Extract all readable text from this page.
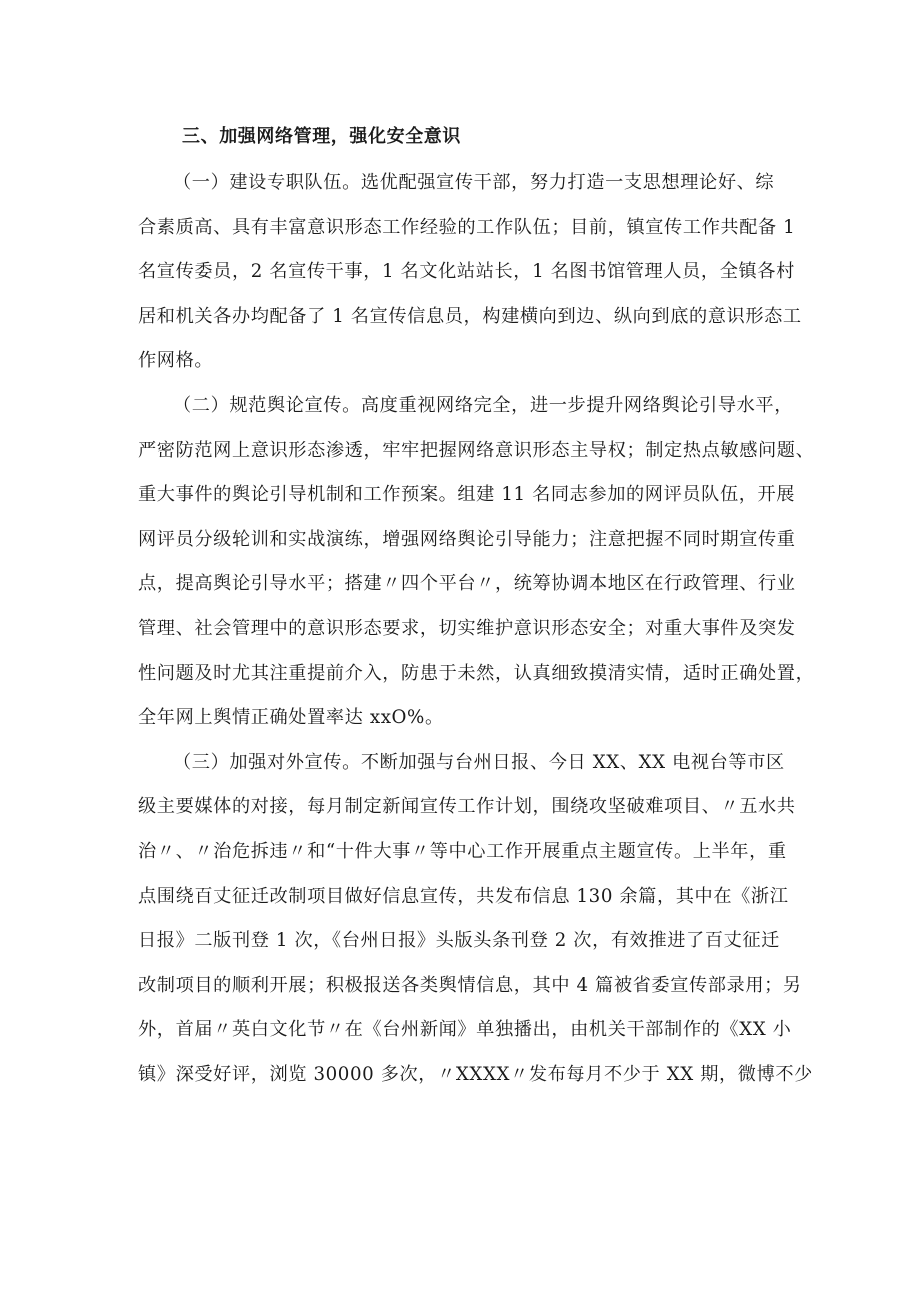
三、加强网络管理，强化安全意识
（一）建设专职队伍。选优配强宣传干部，努力打造一支思想理论好、综
合素质高、具有丰富意识形态工作经验的工作队伍；目前，镇宣传工作共配备 1
名宣传委员，2 名宣传干事，1 名文化站站长，1 名图书馆管理人员，全镇各村
居和机关各办均配备了 1 名宣传信息员，构建横向到边、纵向到底的意识形态工
作网格。
（二）规范舆论宣传。高度重视网络完全，进一步提升网络舆论引导水平，
严密防范网上意识形态渗透，牢牢把握网络意识形态主导权；制定热点敏感问题、
重大事件的舆论引导机制和工作预案。组建 11 名同志参加的网评员队伍，开展
网评员分级轮训和实战演练，增强网络舆论引导能力；注意把握不同时期宣传重
点，提高舆论引导水平；搭建〃四个平台〃，统筹协调本地区在行政管理、行业
管理、社会管理中的意识形态要求，切实维护意识形态安全；对重大事件及突发
性问题及时尤其注重提前介入，防患于未然，认真细致摸清实情，适时正确处置，
全年网上舆情正确处置率达 xxO%。
（三）加强对外宣传。不断加强与台州日报、今日 XX、XX 电视台等市区
级主要媒体的对接，每月制定新闻宣传工作计划，围绕攻坚破难项目、〃五水共
治〃、〃治危拆违〃和“十件大事〃等中心工作开展重点主题宣传。上半年，重
点围绕百丈征迁改制项目做好信息宣传，共发布信息 130 余篇，其中在《浙江
日报》二版刊登 1 次，《台州日报》头版头条刊登 2 次，有效推进了百丈征迁
改制项目的顺利开展；积极报送各类舆情信息，其中 4 篇被省委宣传部录用；另
外，首届〃英白文化节〃在《台州新闻》单独播出，由机关干部制作的《XX 小
镇》深受好评，浏览 30000 多次，〃XXXX〃发布每月不少于 XX 期，微博不少
